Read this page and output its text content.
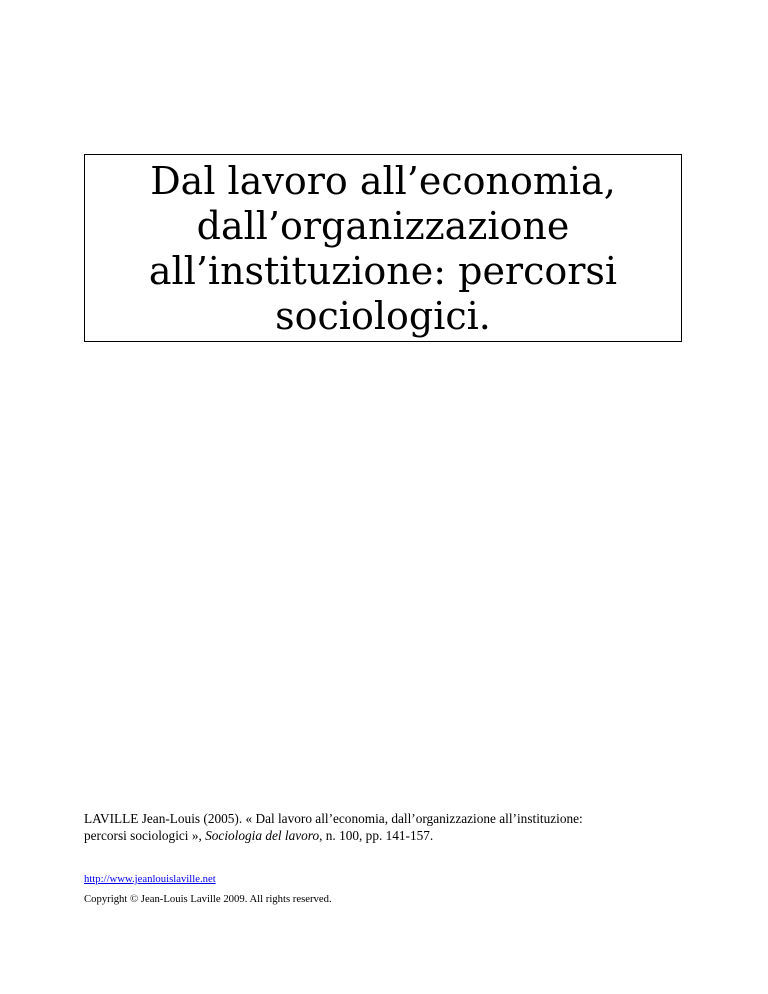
Dal lavoro all’economia,
dall’organizzazione
all’instituzione: percorsi
sociologici.
LAVILLE Jean-Louis (2005). « Dal lavoro all’economia, dall’organizzazione all’instituzione:
percorsi sociologici », Sociologia del lavoro, n. 100, pp. 141-157.
http://www.jeanlouislaville.net
Copyright © Jean-Louis Laville 2009. All rights reserved.
